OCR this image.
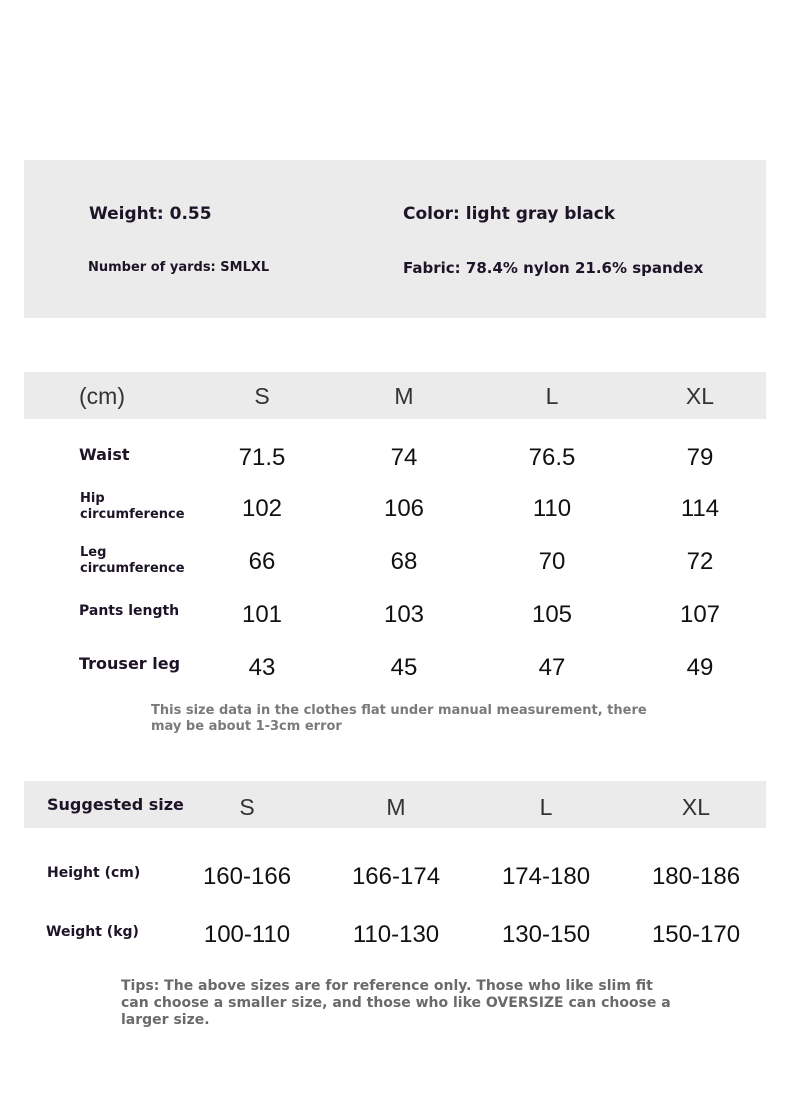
Weight: 0.55	Color: light gray black
Number of yards: SMLXL	Fabric: 78.4% nylon 21.6% spandex
(cm)	S	M	L	XL
Waist	71.5	74	76.5	79
Hip circumference 102	106	110	114
Leg circumference	66	68	70	72
Pants length	101	103	105	107
Trouser leg	43	45	47	49
This size data in the clothes flat under manual measurement, there may be about 1-3cm error
Suggested size S	M	L	XL
Height (cm)	160-166	166-174	174-180	180-186
Weight (kg)	100-110	110-130	130-150	150-170
Tips: The above sizes are for reference only. Those who like slim fit can choose a smaller size, and those who like OVERSIZE can choose a larger size.
